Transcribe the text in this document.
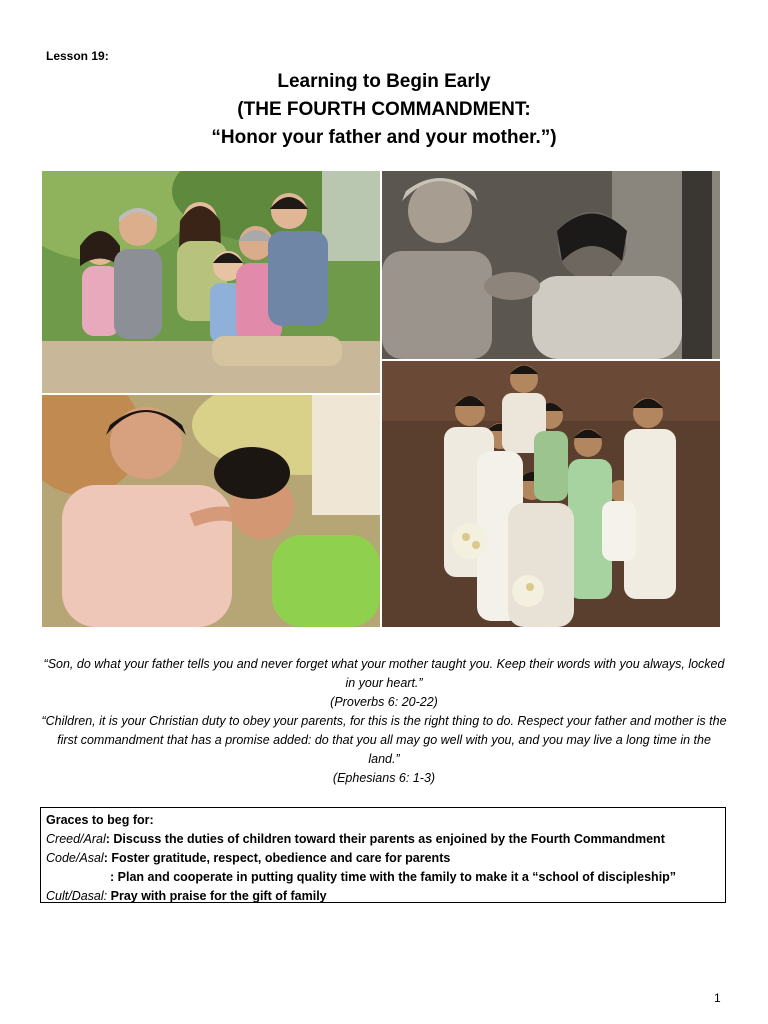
Lesson 19:
Learning to Begin Early
(THE FOURTH COMMANDMENT:
“Honor your father and your mother.”)

“Son, do what your father tells you and never forget what your mother taught you. Keep their words with you always, locked in your heart.”

(Proverbs 6: 20-22)

“Children, it is your Christian duty to obey your parents, for this is the right thing to do. Respect your father and mother is the first commandment that has a promise added: do that you all may go well with you, and you may live a long time in the land.”

(Ephesians 6: 1-3)

Graces to beg for:
Creed/Aral: Discuss the duties of children toward their parents as enjoined by the Fourth Commandment
Code/Asal: Foster gratitude, respect, obedience and care for parents
: Plan and cooperate in putting quality time with the family to make it a “school of discipleship”
Cult/Dasal: Pray with praise for the gift of family
1
